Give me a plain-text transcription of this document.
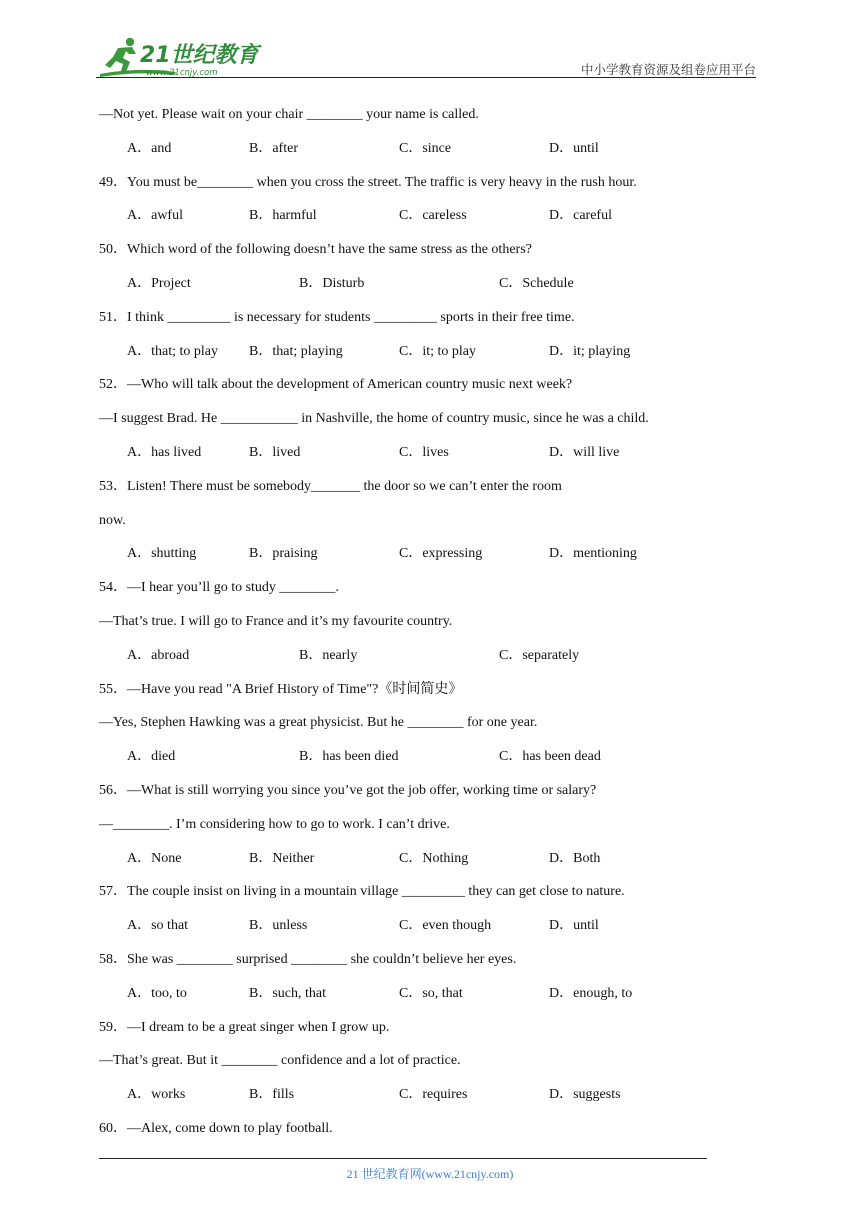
21世纪教育
www.21cnjy.com	中小学教育资源及组卷应用平台
—Not yet. Please wait on your chair ________ your name is called.
A．and	B．after	C．since	D．until
49．You must be________ when you cross the street. The traffic is very heavy in the rush hour.
A．awful	B．harmful	C．careless	D．careful
50．Which word of the following doesn’t have the same stress as the others?
A．Project	B．Disturb	C．Schedule
51．I think _________ is necessary for students _________ sports in their free time.
A．that; to play B．that; playing	C．it; to play	D．it; playing
52．—Who will talk about the development of American country music next week?
—I suggest Brad. He ___________ in Nashville, the home of country music, since he was a child.
A．has lived	B．lived	C．lives	D．will live
53．Listen! There must be somebody_______ the door so we can’t enter the room
now.
A．shutting	B．praising	C．expressing	D．mentioning
54．—I hear you’ll go to study ________.
—That’s true. I will go to France and it’s my favourite country.
A．abroad	B．nearly	C．separately
55．—Have you read "A Brief History of Time"?《时间简史》
—Yes, Stephen Hawking was a great physicist. But he ________ for one year.
A．died	B．has been died	C．has been dead
56．—What is still worrying you since you’ve got the job offer, working time or salary?
—________. I’m considering how to go to work. I can’t drive.
A．None	B．Neither	C．Nothing	D．Both
57．The couple insist on living in a mountain village _________ they can get close to nature.
A．so that	B．unless	C．even though	D．until
58．She was ________ surprised ________ she couldn’t believe her eyes.
A．too, to	B．such, that	C．so, that	D．enough, to
59．—I dream to be a great singer when I grow up.
—That’s great. But it ________ confidence and a lot of practice.
A．works	B．fills	C．requires	D．suggests
60．—Alex, come down to play football.
21 世纪教育网(www.21cnjy.com)
